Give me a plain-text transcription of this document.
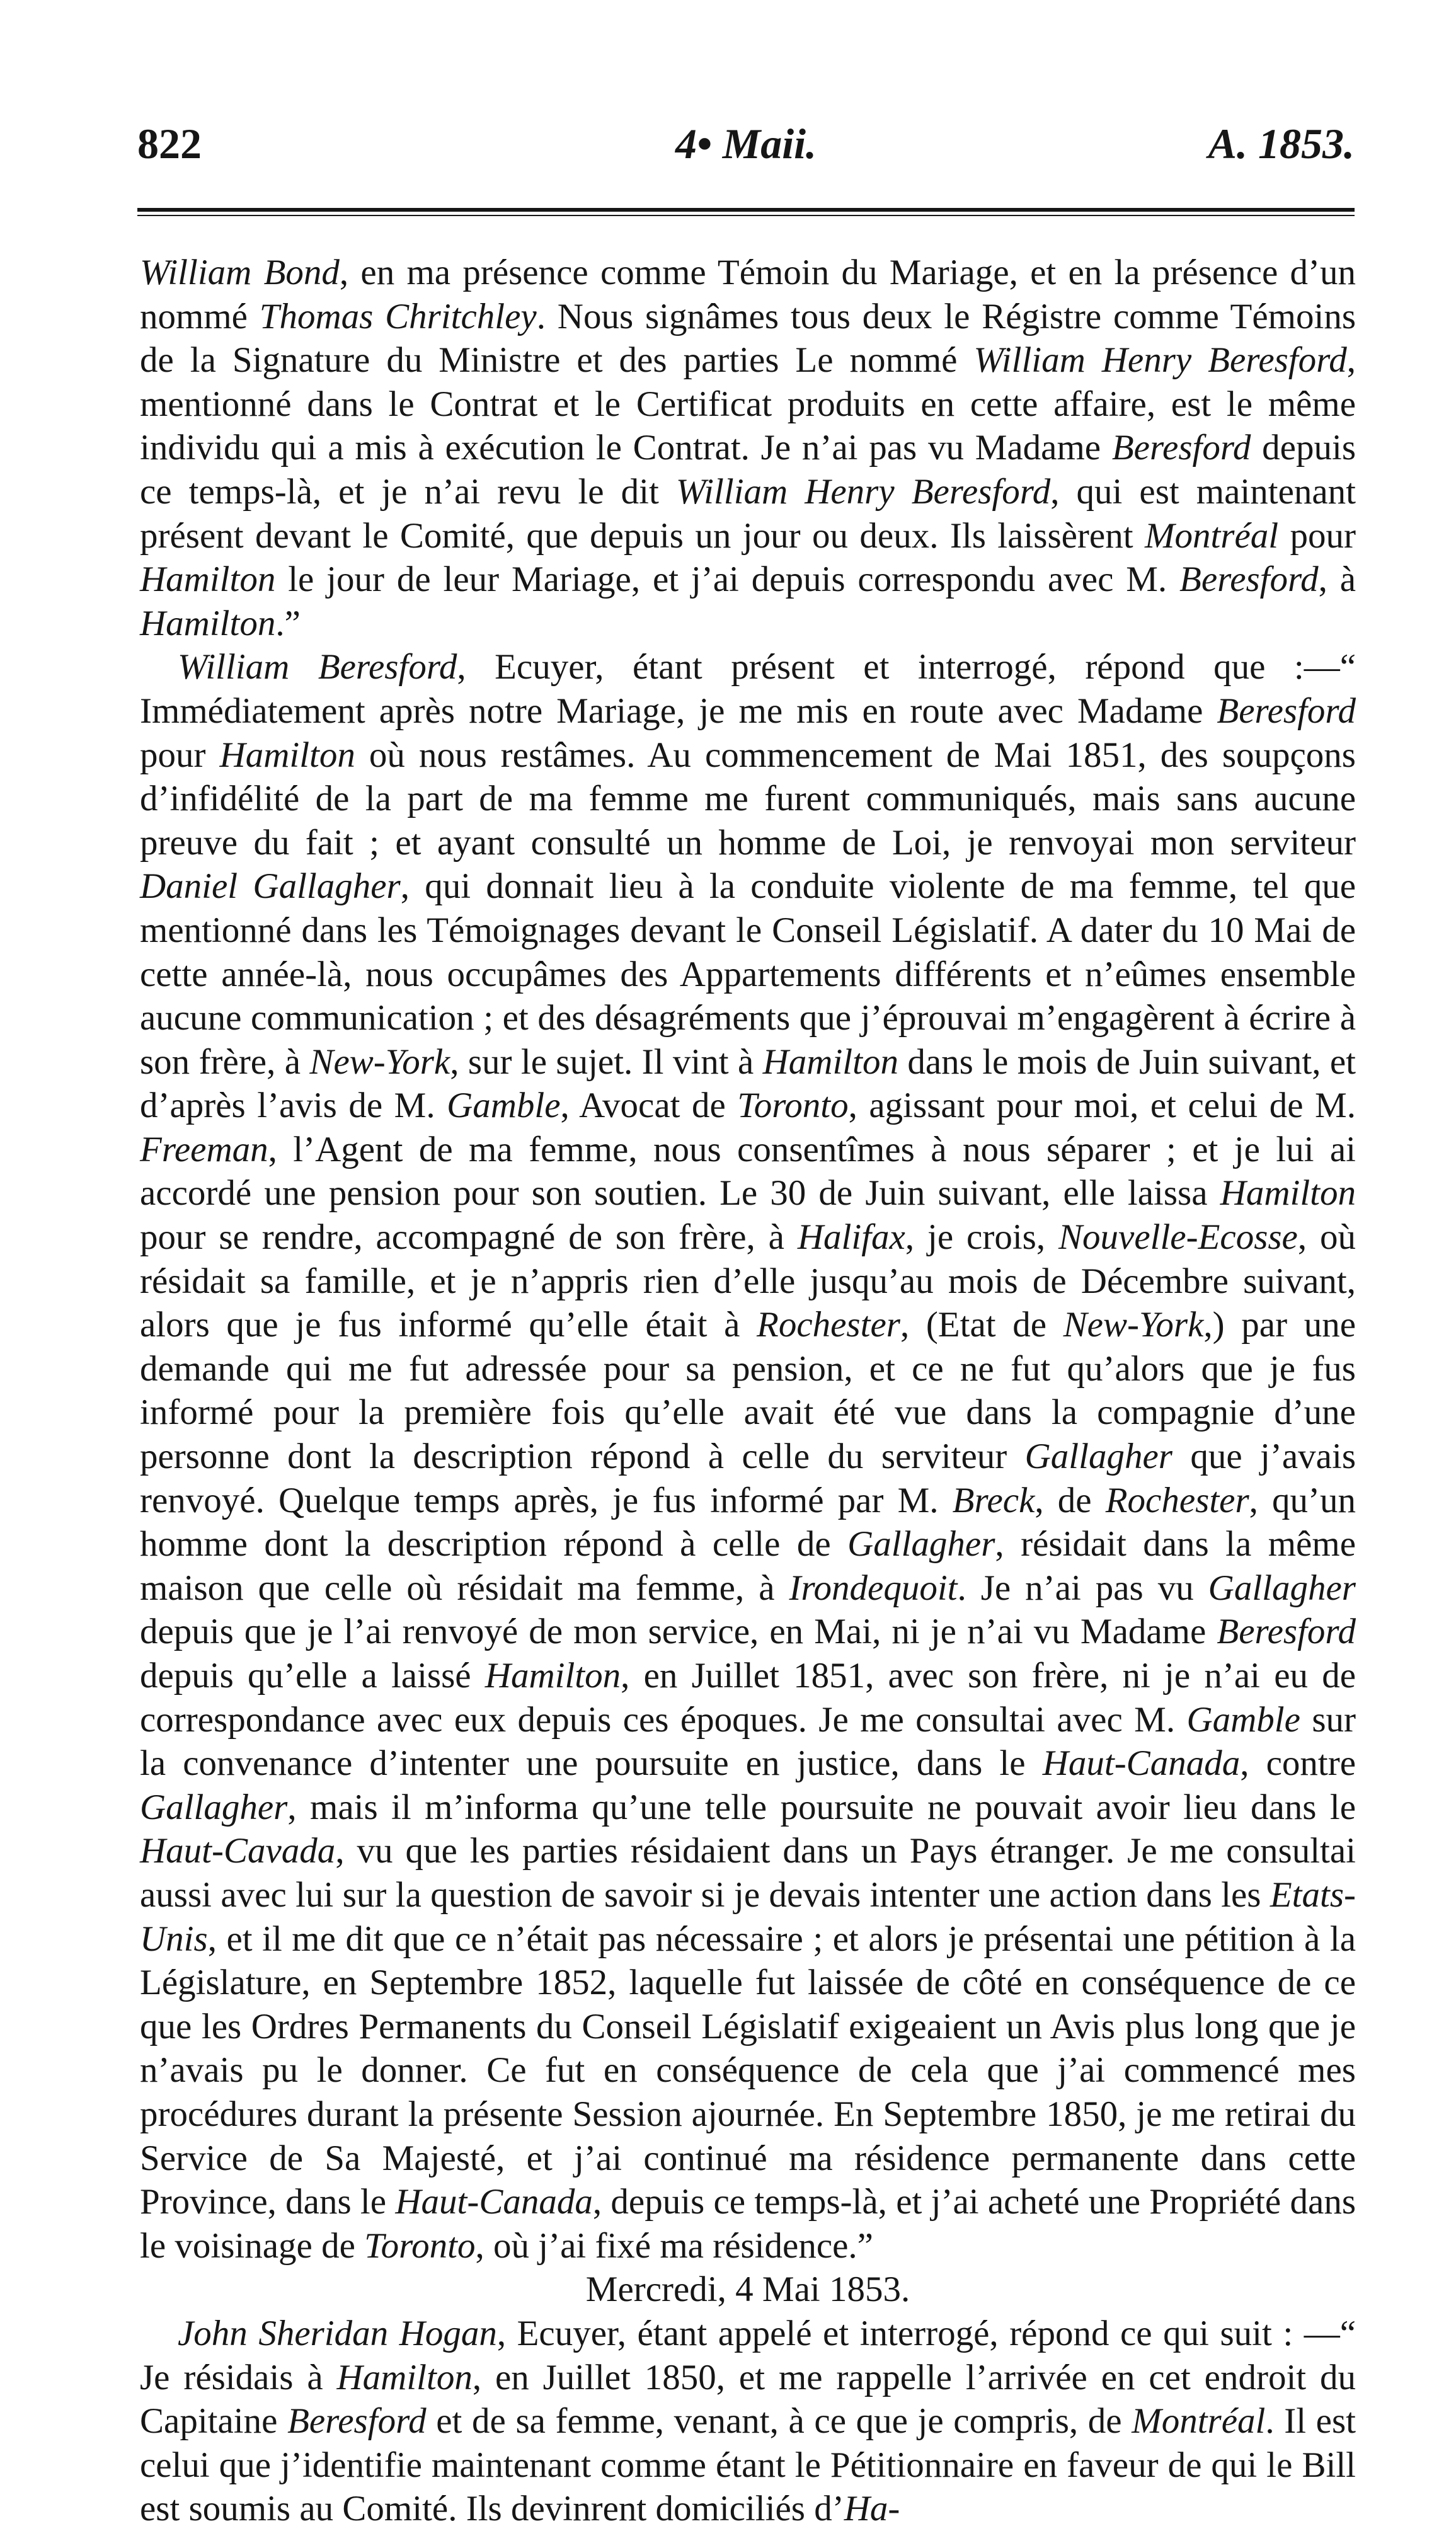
822	4• Maii.	A. 1853.

William Bond, en ma présence comme Témoin du Mariage, et en la présence d’un nommé Thomas Chritchley. Nous signâmes tous deux le Régistre comme Témoins de la Signature du Ministre et des parties Le nommé William Henry Beresford, mentionné dans le Contrat et le Certificat produits en cette affaire, est le même individu qui a mis à exécution le Contrat. Je n’ai pas vu Madame Beresford depuis ce temps-là, et je n’ai revu le dit William Henry Beresford, qui est maintenant présent devant le Comité, que depuis un jour ou deux. Ils laissèrent Montréal pour Hamilton le jour de leur Mariage, et j’ai depuis correspondu avec M. Beresford, à Hamilton.”

William Beresford, Ecuyer, étant présent et interrogé, répond que :—“ Immédiatement après notre Mariage, je me mis en route avec Madame Beresford pour Hamilton où nous restâmes. Au commencement de Mai 1851, des soupçons d’infidélité de la part de ma femme me furent communiqués, mais sans aucune preuve du fait ; et ayant consulté un homme de Loi, je renvoyai mon serviteur Daniel Gallagher, qui donnait lieu à la conduite violente de ma femme, tel que mentionné dans les Témoignages devant le Conseil Législatif. A dater du 10 Mai de cette année-là, nous occupâmes des Appartements différents et n’eûmes ensemble aucune communication ; et des désagréments que j’éprouvai m’engagèrent à écrire à son frère, à New-York, sur le sujet. Il vint à Hamilton dans le mois de Juin suivant, et d’après l’avis de M. Gamble, Avocat de Toronto, agissant pour moi, et celui de M. Freeman, l’Agent de ma femme, nous consentîmes à nous séparer ; et je lui ai accordé une pension pour son soutien. Le 30 de Juin suivant, elle laissa Hamilton pour se rendre, accompagné de son frère, à Halifax, je crois, Nouvelle-Ecosse, où résidait sa famille, et je n’appris rien d’elle jusqu’au mois de Décembre suivant, alors que je fus informé qu’elle était à Rochester, (Etat de New-York,) par une demande qui me fut adressée pour sa pension, et ce ne fut qu’alors que je fus informé pour la première fois qu’elle avait été vue dans la compagnie d’une personne dont la description répond à celle du serviteur Gallagher que j’avais renvoyé. Quelque temps après, je fus informé par M. Breck, de Rochester, qu’un homme dont la description répond à celle de Gallagher, résidait dans la même maison que celle où résidait ma femme, à Irondequoit. Je n’ai pas vu Gallagher depuis que je l’ai renvoyé de mon service, en Mai, ni je n’ai vu Madame Beresford depuis qu’elle a laissé Hamilton, en Juillet 1851, avec son frère, ni je n’ai eu de correspondance avec eux depuis ces époques. Je me consultai avec M. Gamble sur la convenance d’intenter une poursuite en justice, dans le Haut-Canada, contre Gallagher, mais il m’informa qu’une telle poursuite ne pouvait avoir lieu dans le Haut-Cavada, vu que les parties résidaient dans un Pays étranger. Je me consultai aussi avec lui sur la question de savoir si je devais intenter une action dans les Etats-Unis, et il me dit que ce n’était pas nécessaire ; et alors je présentai une pétition à la Législature, en Septembre 1852, laquelle fut laissée de côté en conséquence de ce que les Ordres Permanents du Conseil Législatif exigeaient un Avis plus long que je n’avais pu le donner. Ce fut en conséquence de cela que j’ai commencé mes procédures durant la présente Session ajournée. En Septembre 1850, je me retirai du Service de Sa Majesté, et j’ai continué ma résidence permanente dans cette Province, dans le Haut-Canada, depuis ce temps-là, et j’ai acheté une Propriété dans le voisinage de Toronto, où j’ai fixé ma résidence.”

Mercredi, 4 Mai 1853.

John Sheridan Hogan, Ecuyer, étant appelé et interrogé, répond ce qui suit : —“ Je résidais à Hamilton, en Juillet 1850, et me rappelle l’arrivée en cet endroit du Capitaine Beresford et de sa femme, venant, à ce que je compris, de Montréal. Il est celui que j’identifie maintenant comme étant le Pétitionnaire en faveur de qui le Bill est soumis au Comité. Ils devinrent domiciliés d’Ha-
